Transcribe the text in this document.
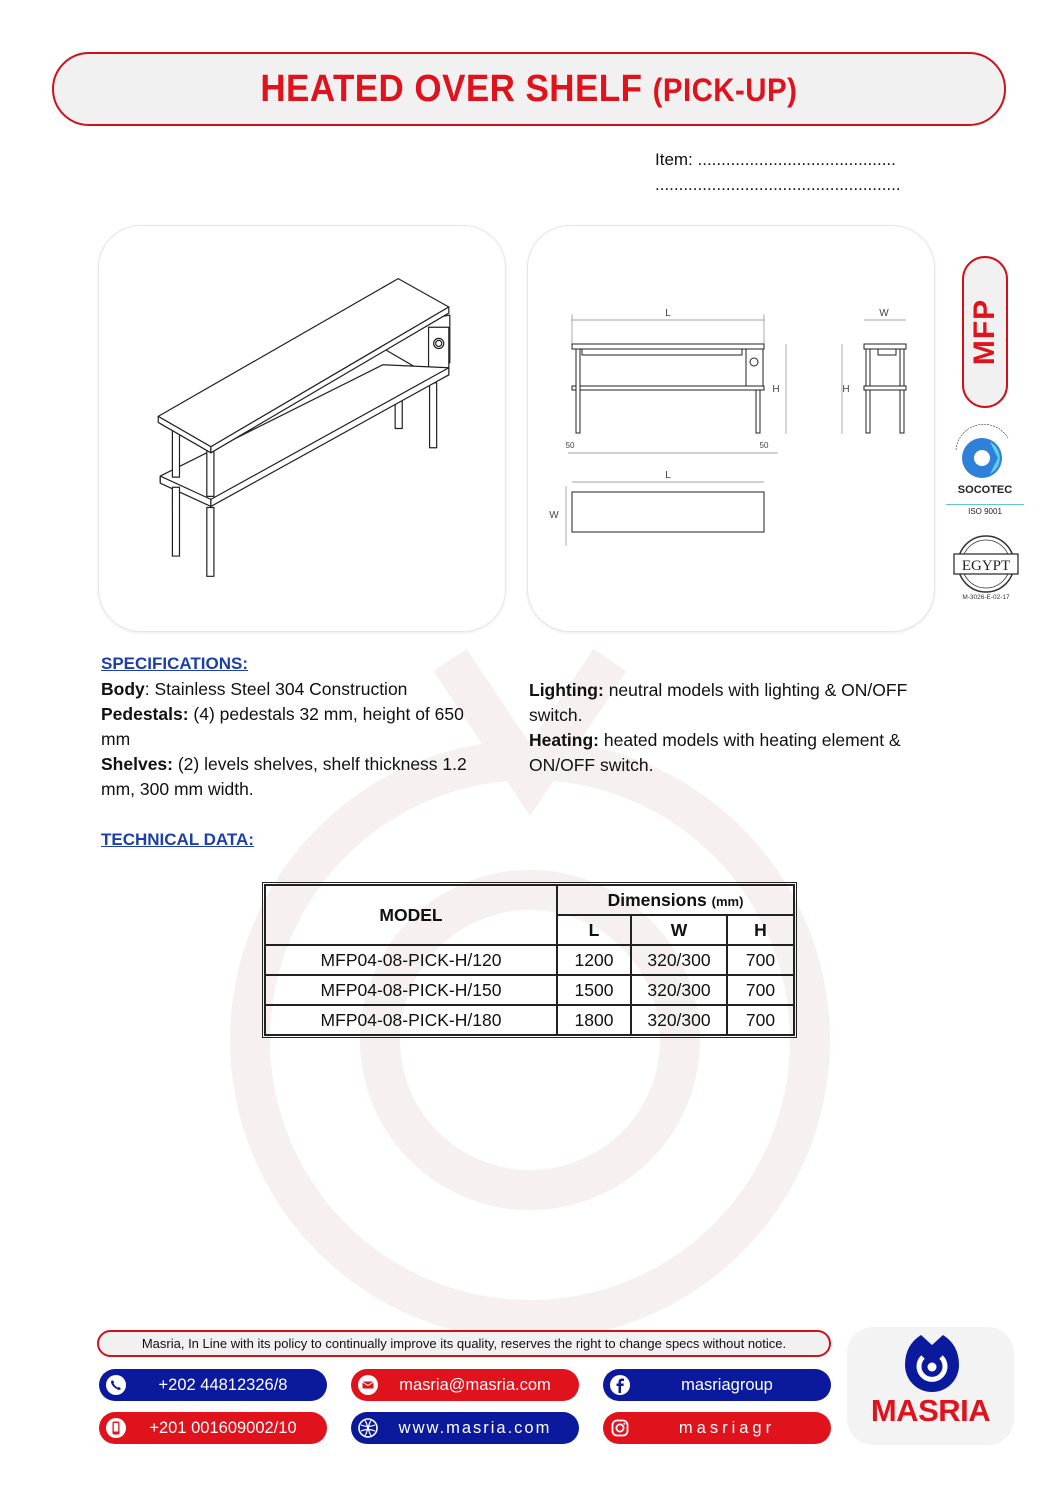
HEATED OVER SHELF (PICK-UP)
Item: ..........................................
....................................................
L
H
W
H
50	50
L
W
MFP
SOCOTEC
ISO 9001
EGYPT
M-3026-E-02-17
SPECIFICATIONS:
Body: Stainless Steel 304 Construction
Pedestals: (4) pedestals 32 mm, height of 650 mm
Shelves: (2) levels shelves, shelf thickness 1.2 mm, 300 mm width.
Lighting: neutral models with lighting & ON/OFF switch.
Heating: heated models with heating element & ON/OFF switch.
TECHNICAL DATA:
MODEL	Dimensions (mm)		
	L	W	H
MFP04-08-PICK-H/120	1200	320/300	700
MFP04-08-PICK-H/150	1500	320/300	700
MFP04-08-PICK-H/180	1800	320/300	700
Masria, In Line with its policy to continually improve its quality, reserves the right to change specs without notice.
+202 44812326/8	masria@masria.com	masriagroup
+201 001609002/10	www.masria.com	masriagr	MASRIA
